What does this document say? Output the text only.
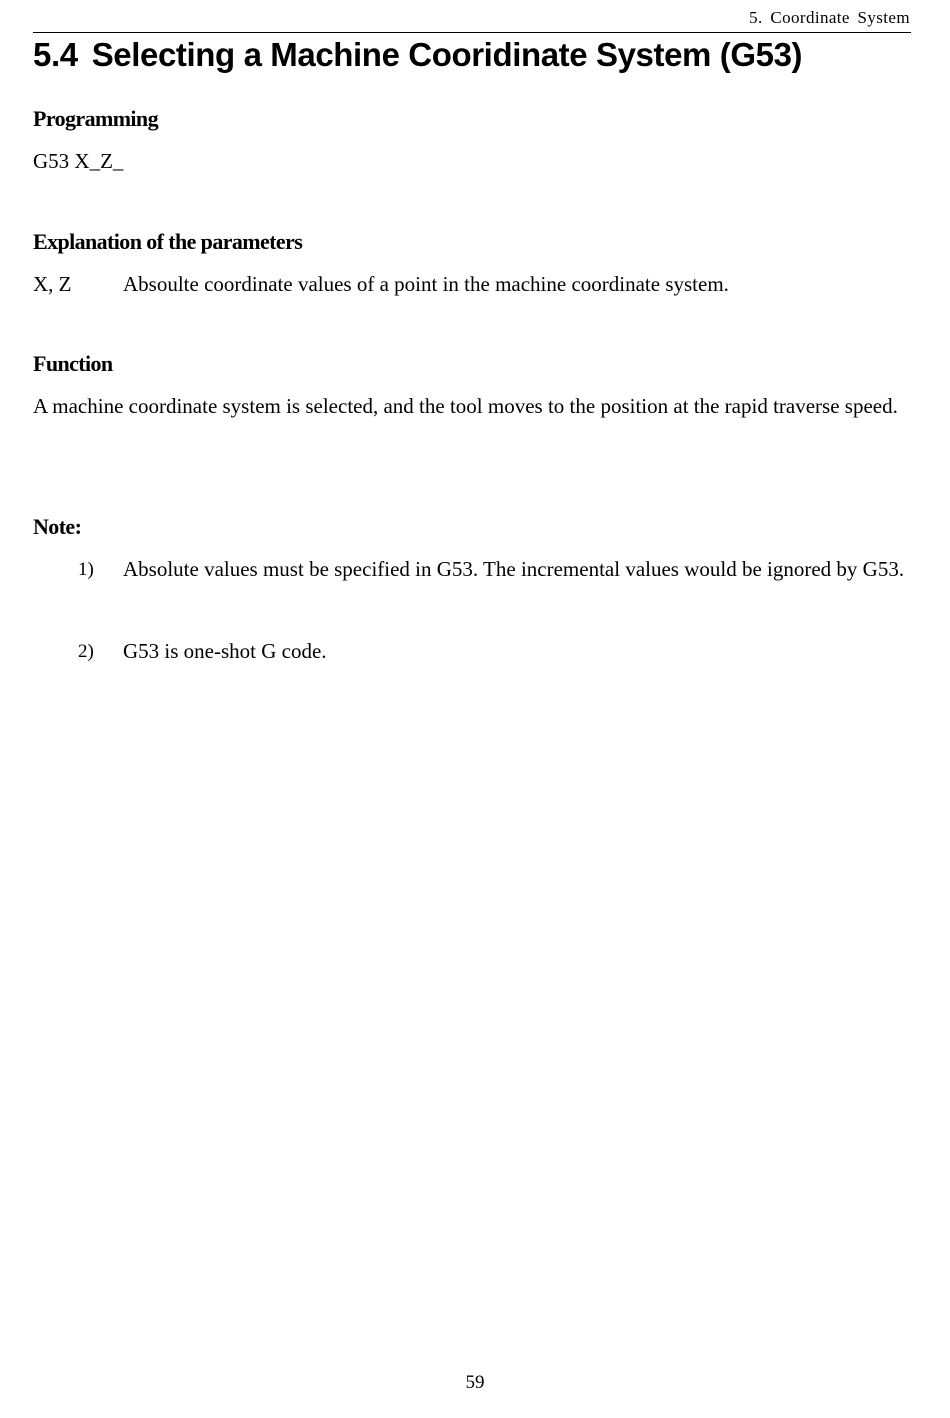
5. Coordinate System
5.4 Selecting a Machine Cooridinate System (G53)
Programming

G53 X_Z_

Explanation of the parameters

X, Z Absoulte coordinate values of a point in the machine coordinate system.

Function

A machine coordinate system is selected, and the tool moves to the position at the rapid traverse speed.

Note:
1) Absolute values must be specified in G53. The incremental values would be ignored by G53.

2) G53 is one-shot G code.

59
